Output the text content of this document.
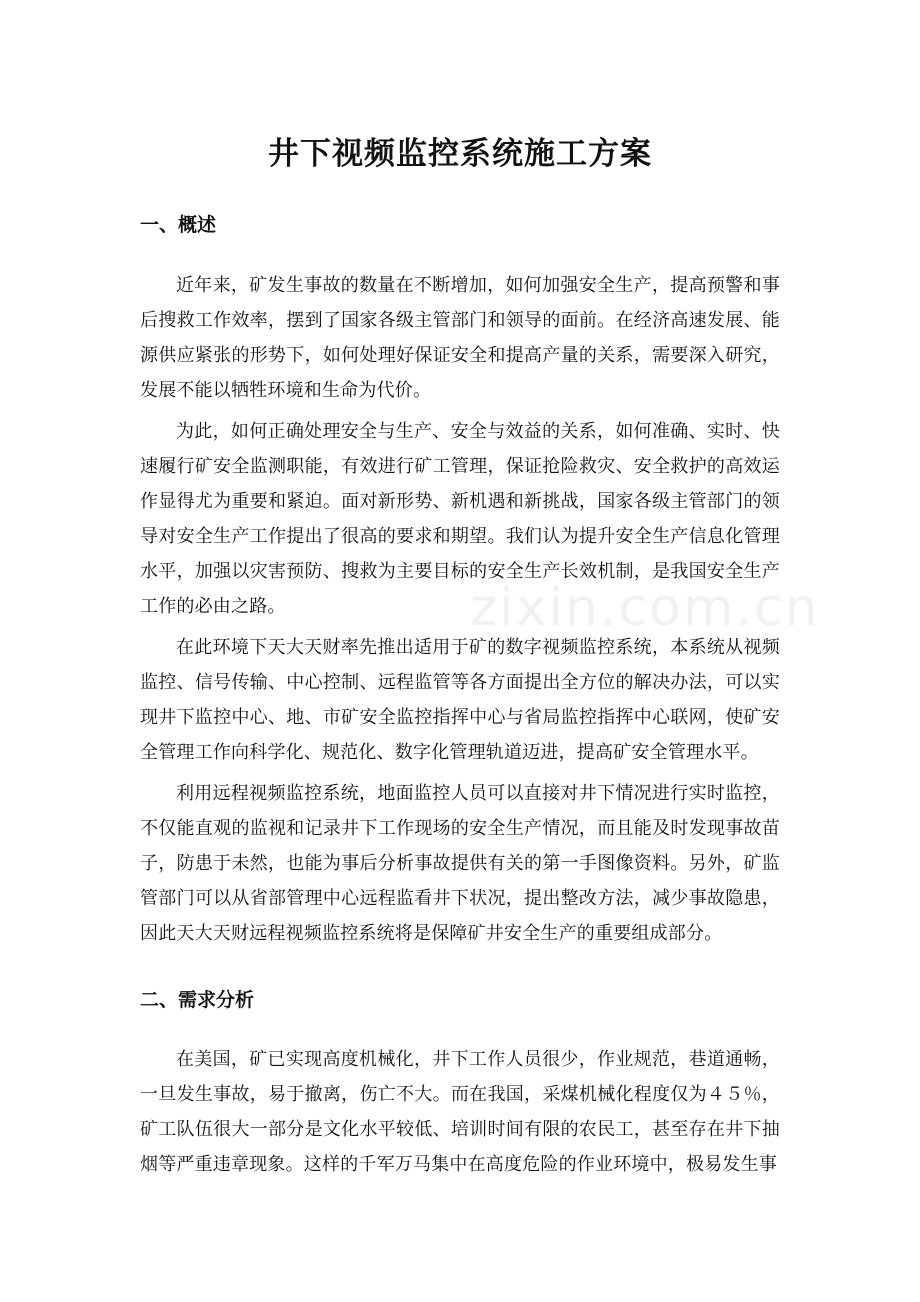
zixin.com.cn
井下视频监控系统施工方案
一、概述

近年来，矿发生事故的数量在不断增加，如何加强安全生产，提高预警和事后搜救工作效率，摆到了国家各级主管部门和领导的面前。在经济高速发展、能源供应紧张的形势下，如何处理好保证安全和提高产量的关系，需要深入研究，发展不能以牺牲环境和生命为代价。

为此，如何正确处理安全与生产、安全与效益的关系，如何准确、实时、快速履行矿安全监测职能，有效进行矿工管理，保证抢险救灾、安全救护的高效运作显得尤为重要和紧迫。面对新形势、新机遇和新挑战，国家各级主管部门的领导对安全生产工作提出了很高的要求和期望。我们认为提升安全生产信息化管理水平，加强以灾害预防、搜救为主要目标的安全生产长效机制，是我国安全生产工作的必由之路。

在此环境下天大天财率先推出适用于矿的数字视频监控系统，本系统从视频监控、信号传输、中心控制、远程监管等各方面提出全方位的解决办法，可以实现井下监控中心、地、市矿安全监控指挥中心与省局监控指挥中心联网，使矿安全管理工作向科学化、规范化、数字化管理轨道迈进，提高矿安全管理水平。

利用远程视频监控系统，地面监控人员可以直接对井下情况进行实时监控，不仅能直观的监视和记录井下工作现场的安全生产情况，而且能及时发现事故苗子，防患于未然，也能为事后分析事故提供有关的第一手图像资料。另外，矿监管部门可以从省部管理中心远程监看井下状况，提出整改方法，减少事故隐患，因此天大天财远程视频监控系统将是保障矿井安全生产的重要组成部分。

二、需求分析

在美国，矿已实现高度机械化，井下工作人员很少，作业规范，巷道通畅，一旦发生事故，易于撤离，伤亡不大。而在我国，采煤机械化程度仅为４５％，矿工队伍很大一部分是文化水平较低、培训时间有限的农民工，甚至存在井下抽烟等严重违章现象。这样的千军万马集中在高度危险的作业环境中，极易发生事
